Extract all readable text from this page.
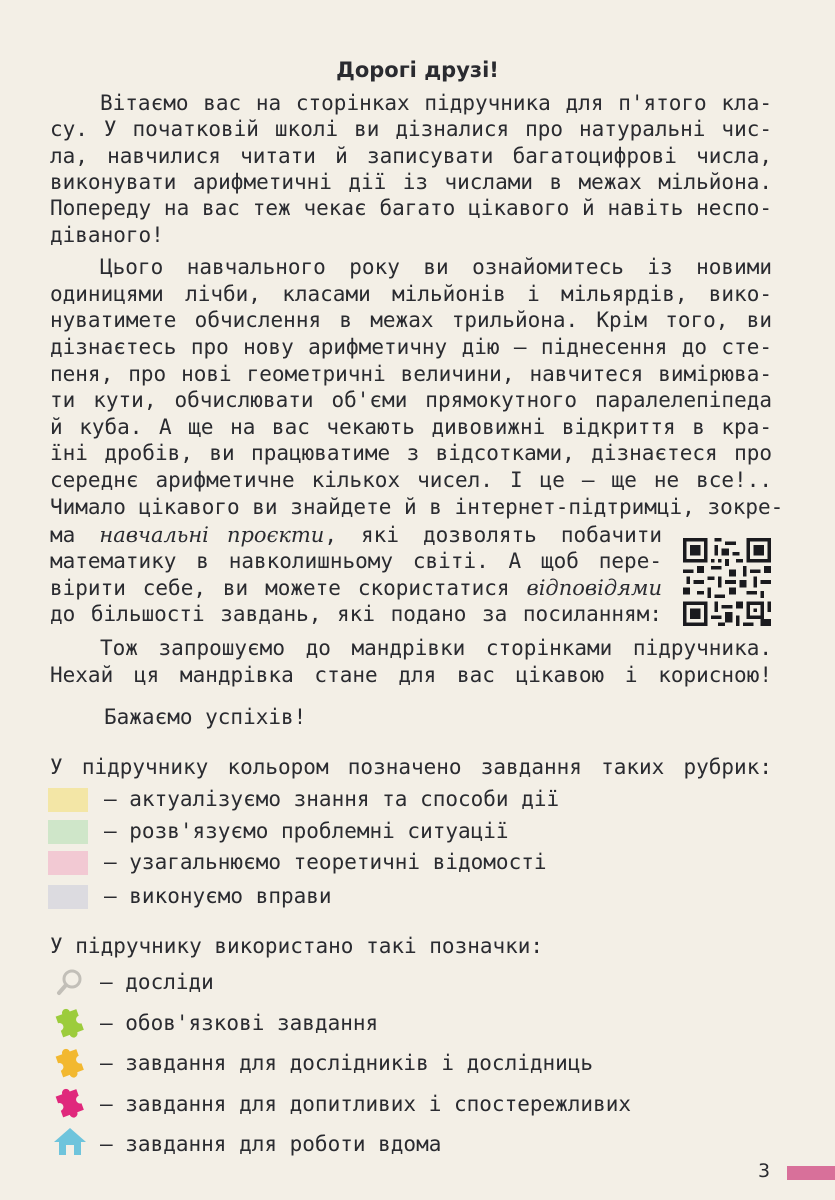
Дорогі друзі!
Вітаємо вас на сторінках підручника для п'ятого кла-
су. У початковій школі ви дізналися про натуральні чис-
ла, навчилися читати й записувати багатоцифрові числа,
виконувати арифметичні дії із числами в межах мільйона.
Попереду на вас теж чекає багато цікавого й навіть неспо-
діваного!
Цього навчального року ви ознайомитесь із новими
одиницями лічби, класами мільйонів і мільярдів, вико-
нуватимете обчислення в межах трильйона. Крім того, ви
дізнаєтесь про нову арифметичну дію — піднесення до сте-
пеня, про нові геометричні величини, навчитеся вимірюва-
ти кути, обчислювати об'єми прямокутного паралелепіпеда
й куба. А ще на вас чекають дивовижні відкриття в кра-
їні дробів, ви працюватиме з відсотками, дізнаєтеся про
середнє арифметичне кількох чисел. І це — ще не все!..
Чимало цікавого ви знайдете й в інтернет-підтримці, зокре-
ма навчальні проєкти, які дозволять побачити
математику в навколишньому світі. А щоб пере-
вірити себе, ви можете скористатися відповідями
до більшості завдань, які подано за посиланням:
Тож запрошуємо до мандрівки сторінками підручника.
Нехай ця мандрівка стане для вас цікавою і корисною!
Бажаємо успіхів!
У підручнику кольором позначено завдання таких рубрик:
— актуалізуємо знання та способи дії
— розв'язуємо проблемні ситуації
— узагальнюємо теоретичні відомості
— виконуємо вправи
У підручнику використано такі позначки:
— досліди
— обов'язкові завдання
— завдання для дослідників і дослідниць
— завдання для допитливих і спостережливих
— завдання для роботи вдома
3
